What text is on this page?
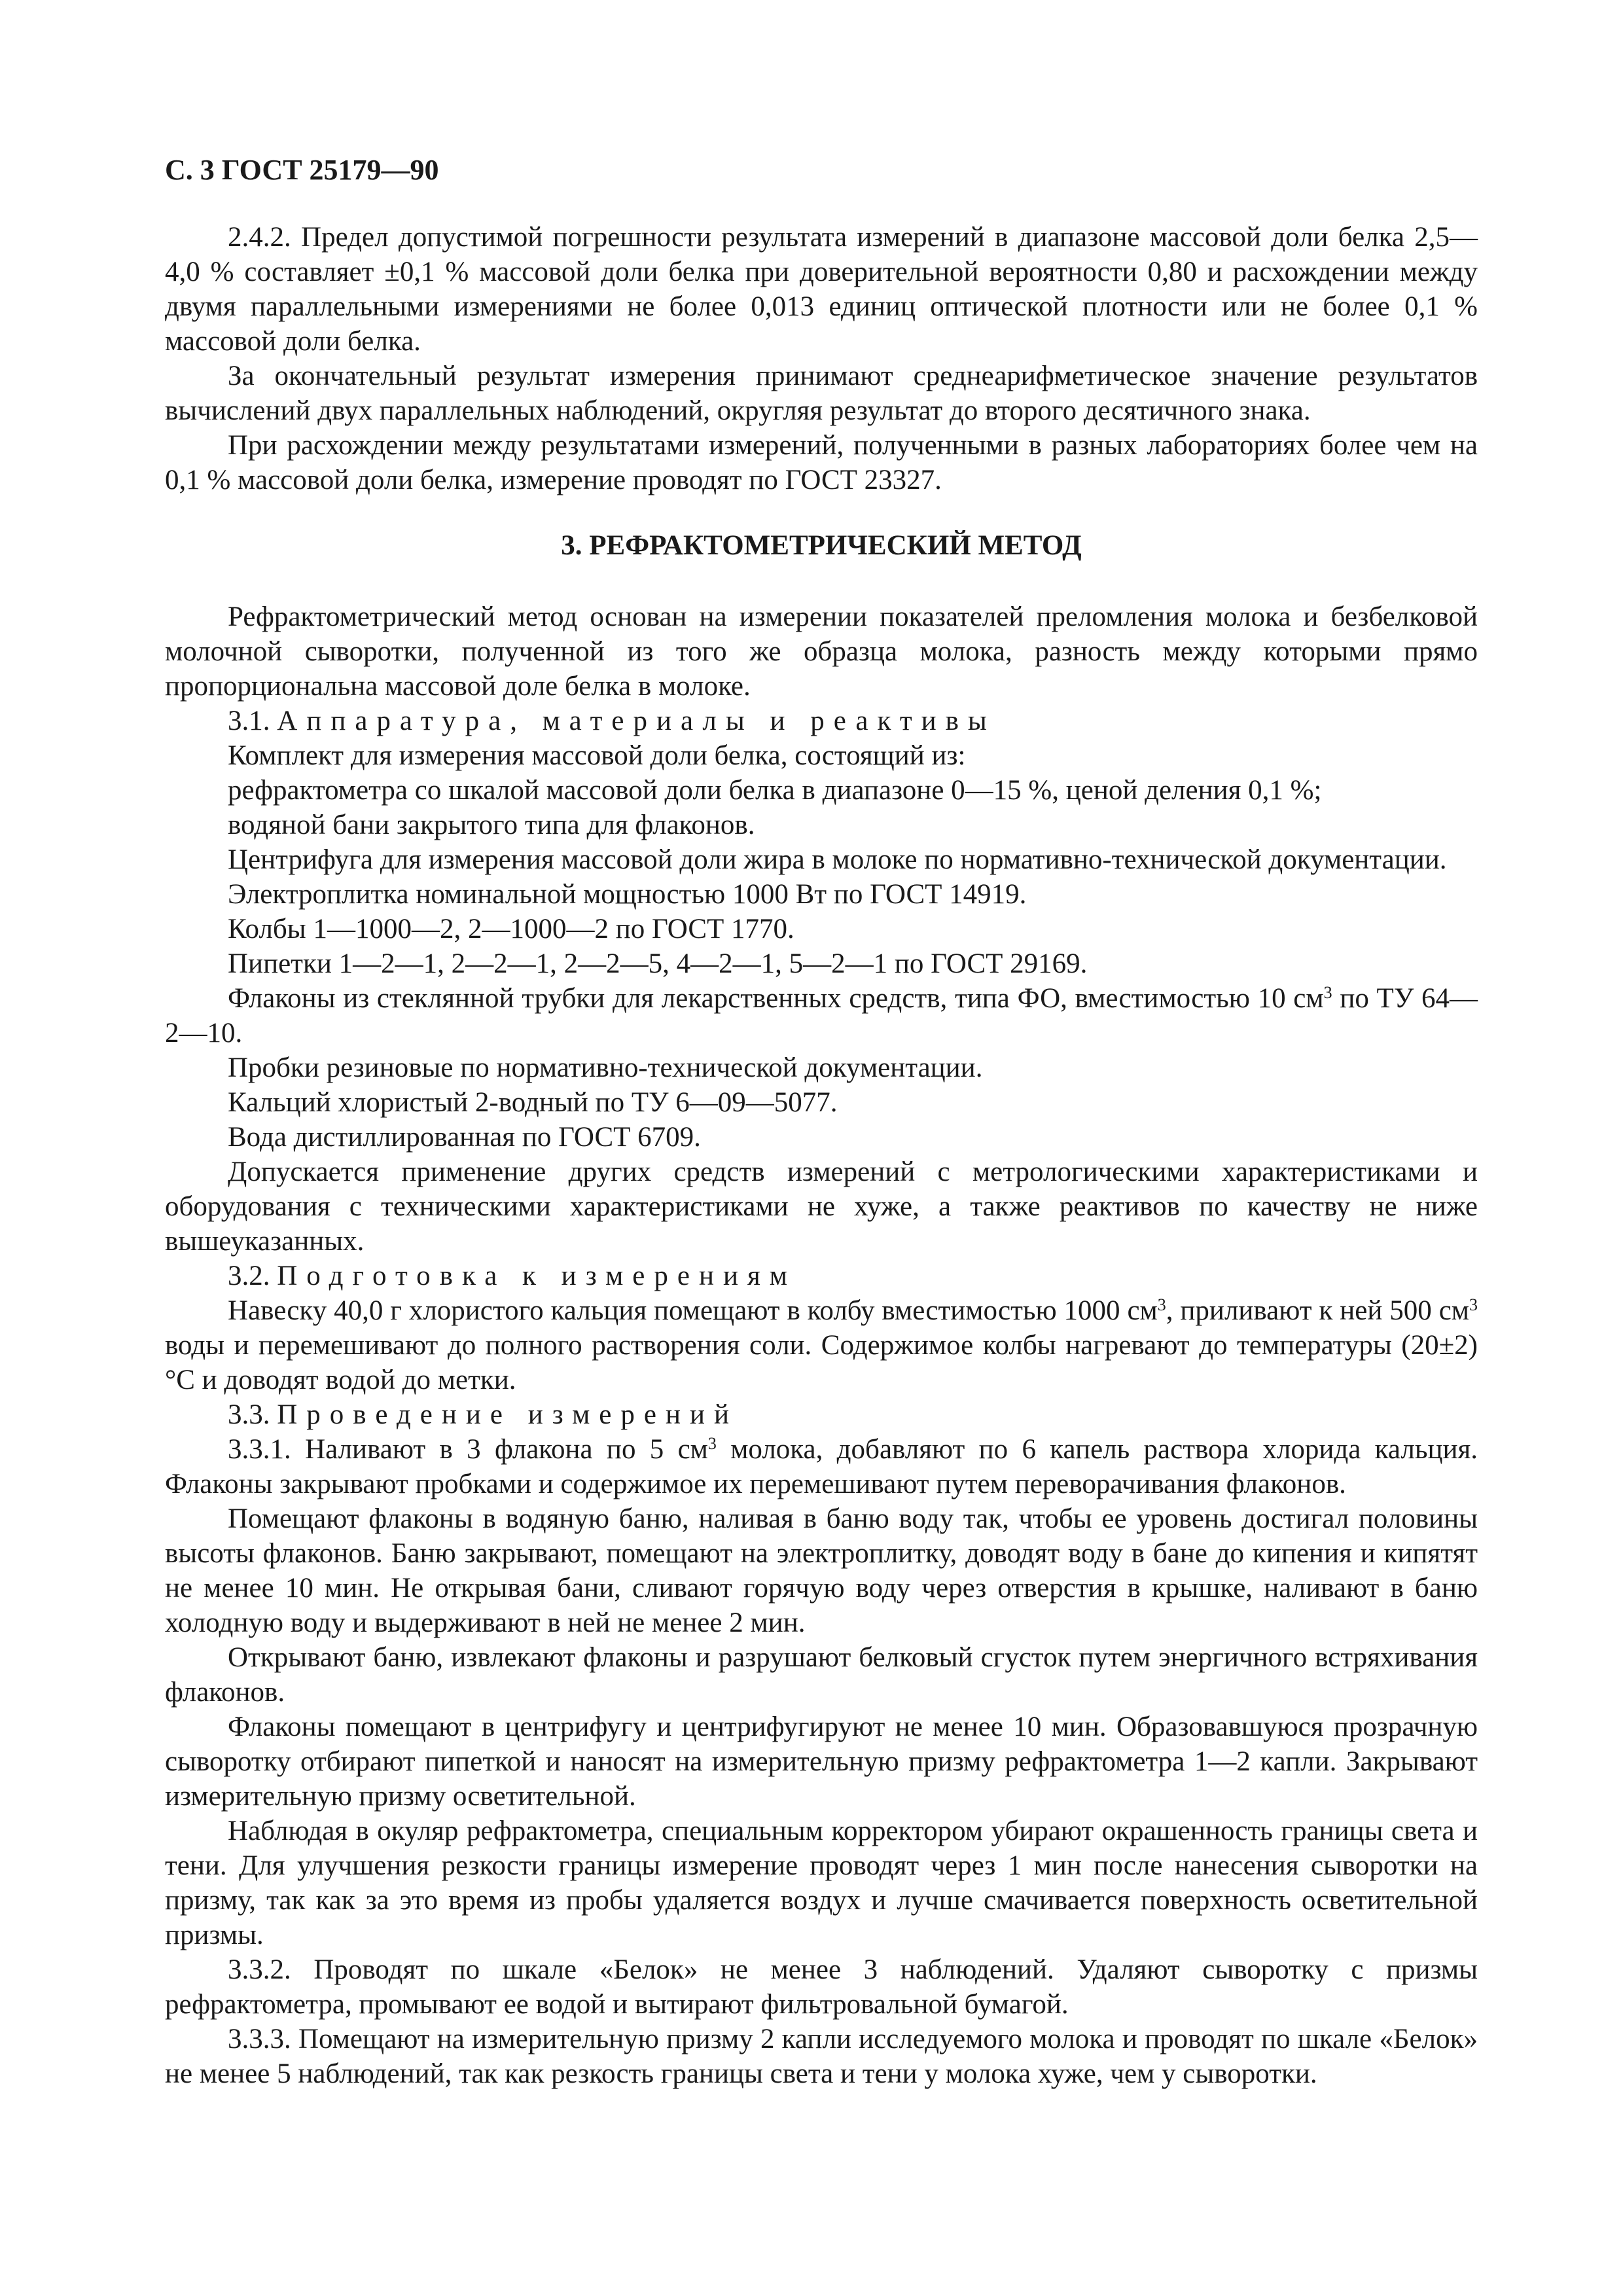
С. 3 ГОСТ 25179—90

2.4.2. Предел допустимой погрешности результата измерений в диапазоне массовой доли белка 2,5—4,0 % составляет ±0,1 % массовой доли белка при доверительной вероятности 0,80 и расхождении между двумя параллельными измерениями не более 0,013 единиц оптической плотности или не более 0,1 % массовой доли белка.

За окончательный результат измерения принимают среднеарифметическое значение результатов вычислений двух параллельных наблюдений, округляя результат до второго десятичного знака.

При расхождении между результатами измерений, полученными в разных лабораториях более чем на 0,1 % массовой доли белка, измерение проводят по ГОСТ 23327.

3. РЕФРАКТОМЕТРИЧЕСКИЙ МЕТОД

Рефрактометрический метод основан на измерении показателей преломления молока и безбелковой молочной сыворотки, полученной из того же образца молока, разность между которыми прямо пропорциональна массовой доле белка в молоке.

3.1. Аппаратура, материалы и реактивы

Комплект для измерения массовой доли белка, состоящий из:

рефрактометра со шкалой массовой доли белка в диапазоне 0—15 %, ценой деления 0,1 %;

водяной бани закрытого типа для флаконов.

Центрифуга для измерения массовой доли жира в молоке по нормативно-технической документации.

Электроплитка номинальной мощностью 1000 Вт по ГОСТ 14919.

Колбы 1—1000—2, 2—1000—2 по ГОСТ 1770.

Пипетки 1—2—1, 2—2—1, 2—2—5, 4—2—1, 5—2—1 по ГОСТ 29169.

Флаконы из стеклянной трубки для лекарственных средств, типа ФО, вместимостью 10 $см^3$ по ТУ 64—2—10.

Пробки резиновые по нормативно-технической документации.

Кальций хлористый 2-водный по ТУ 6—09—5077.

Вода дистиллированная по ГОСТ 6709.

Допускается применение других средств измерений с метрологическими характеристиками и оборудования с техническими характеристиками не хуже, а также реактивов по качеству не ниже вышеуказанных.

3.2. Подготовка к измерениям

Навеску 40,0 г хлористого кальция помещают в колбу вместимостью 1000 $см^3$, приливают к ней 500 $см^3$ воды и перемешивают до полного растворения соли. Содержимое колбы нагревают до температуры (20±2) °С и доводят водой до метки.

3.3. Проведение измерений

3.3.1. Наливают в 3 флакона по 5 $см^3$ молока, добавляют по 6 капель раствора хлорида кальция. Флаконы закрывают пробками и содержимое их перемешивают путем переворачивания флаконов.

Помещают флаконы в водяную баню, наливая в баню воду так, чтобы ее уровень достигал половины высоты флаконов. Баню закрывают, помещают на электроплитку, доводят воду в бане до кипения и кипятят не менее 10 мин. Не открывая бани, сливают горячую воду через отверстия в крышке, наливают в баню холодную воду и выдерживают в ней не менее 2 мин.

Открывают баню, извлекают флаконы и разрушают белковый сгусток путем энергичного встряхивания флаконов.

Флаконы помещают в центрифугу и центрифугируют не менее 10 мин. Образовавшуюся прозрачную сыворотку отбирают пипеткой и наносят на измерительную призму рефрактометра 1—2 капли. Закрывают измерительную призму осветительной.

Наблюдая в окуляр рефрактометра, специальным корректором убирают окрашенность границы света и тени. Для улучшения резкости границы измерение проводят через 1 мин после нанесения сыворотки на призму, так как за это время из пробы удаляется воздух и лучше смачивается поверхность осветительной призмы.

3.3.2. Проводят по шкале «Белок» не менее 3 наблюдений. Удаляют сыворотку с призмы рефрактометра, промывают ее водой и вытирают фильтровальной бумагой.

3.3.3. Помещают на измерительную призму 2 капли исследуемого молока и проводят по шкале «Белок» не менее 5 наблюдений, так как резкость границы света и тени у молока хуже, чем у сыворотки.
